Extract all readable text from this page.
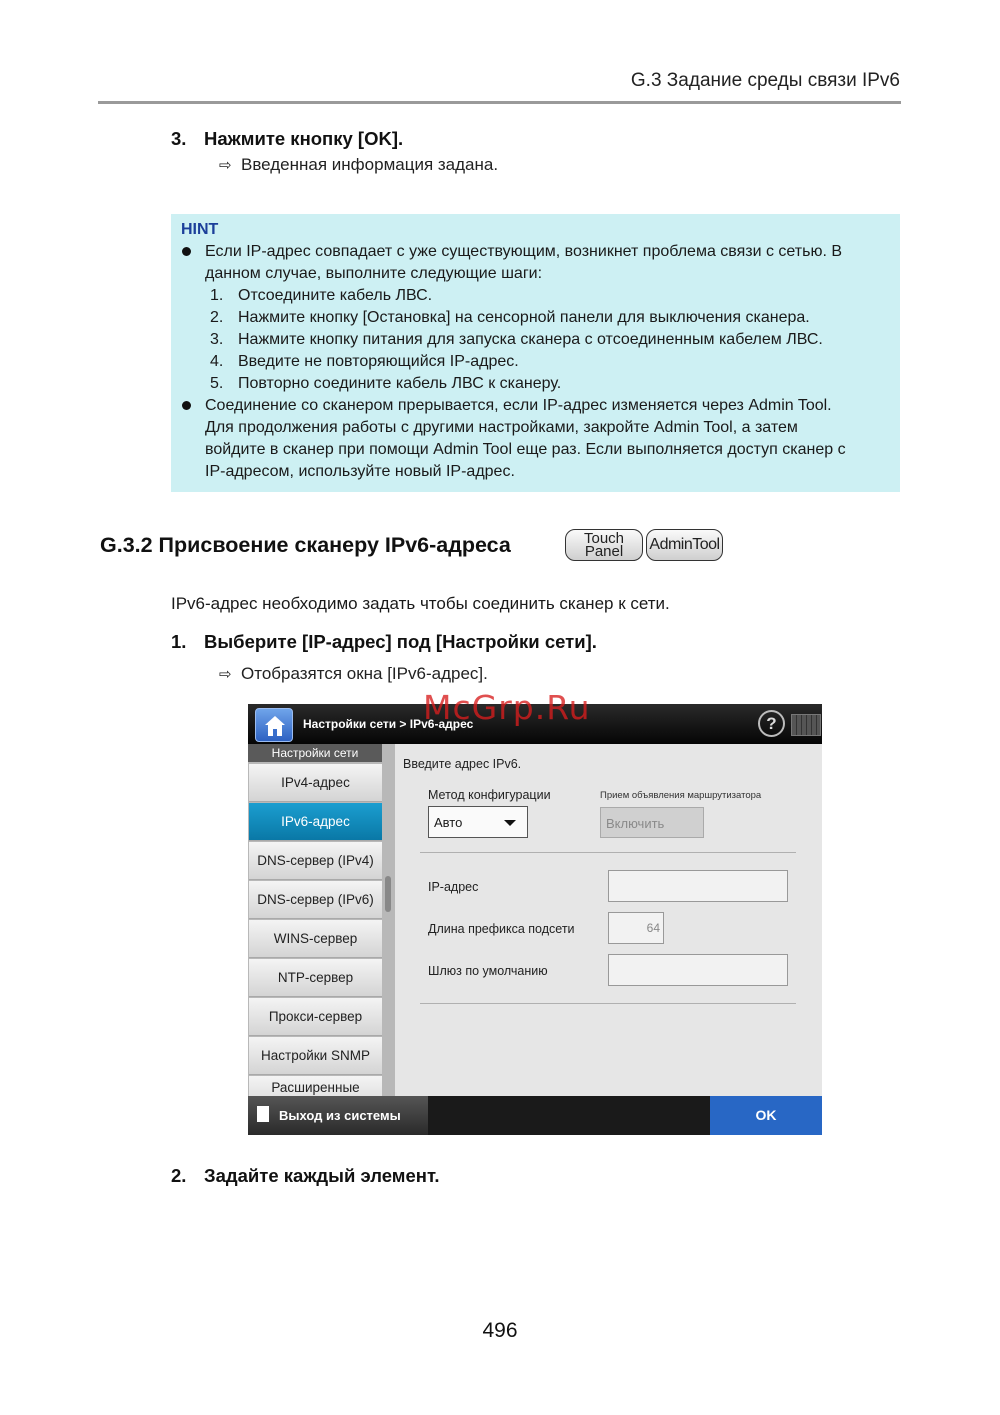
G.3 Задание среды связи IPv6
3. Нажмите кнопку [OK].
⇨ Введенная информация задана.
HINT
Если IP-адрес совпадает с уже существующим, возникнет проблема связи с сетью. В
данном случае, выполните следующие шаги:
1. Отсоедините кабель ЛВС.
2. Нажмите кнопку [Остановка] на сенсорной панели для выключения сканера.
3. Нажмите кнопку питания для запуска сканера с отсоединенным кабелем ЛВС.
4. Введите не повторяющийся IP-адрес.
5. Повторно соедините кабель ЛВС к сканеру.
Соединение со сканером прерывается, если IP-адрес изменяется через Admin Tool.
Для продолжения работы с другими настройками, закройте Admin Tool, а затем
войдите в сканер при помощи Admin Tool еще раз. Если выполняется доступ сканер с
IP-адресом, используйте новый IP-адрес.
G.3.2 Присвоение сканеру IPv6-адреса	Touch
Panel	AdminTool
IPv6-адрес необходимо задать чтобы соединить сканер к сети.
1. Выберите [IP-адрес] под [Настройки сети].
⇨ Отобразятся окна [IPv6-адрес].
Настройки сети > IPv6-адрес	?
Настройки сети
IPv4-адрес
IPv6-адрес
DNS-сервер (IPv4)
DNS-сервер (IPv6)
WINS-сервер
NTP-сервер
Прокси-сервер
Настройки SNMP
Расширенные
Введите адрес IPv6.
Метод конфигурации	Прием объявления маршрутизатора
Авто	Включить
IP-адрес
Длина префикса подсети	64
Шлюз по умолчанию
Выход из системы	OK
McGrp.Ru
2. Задайте каждый элемент.
496
